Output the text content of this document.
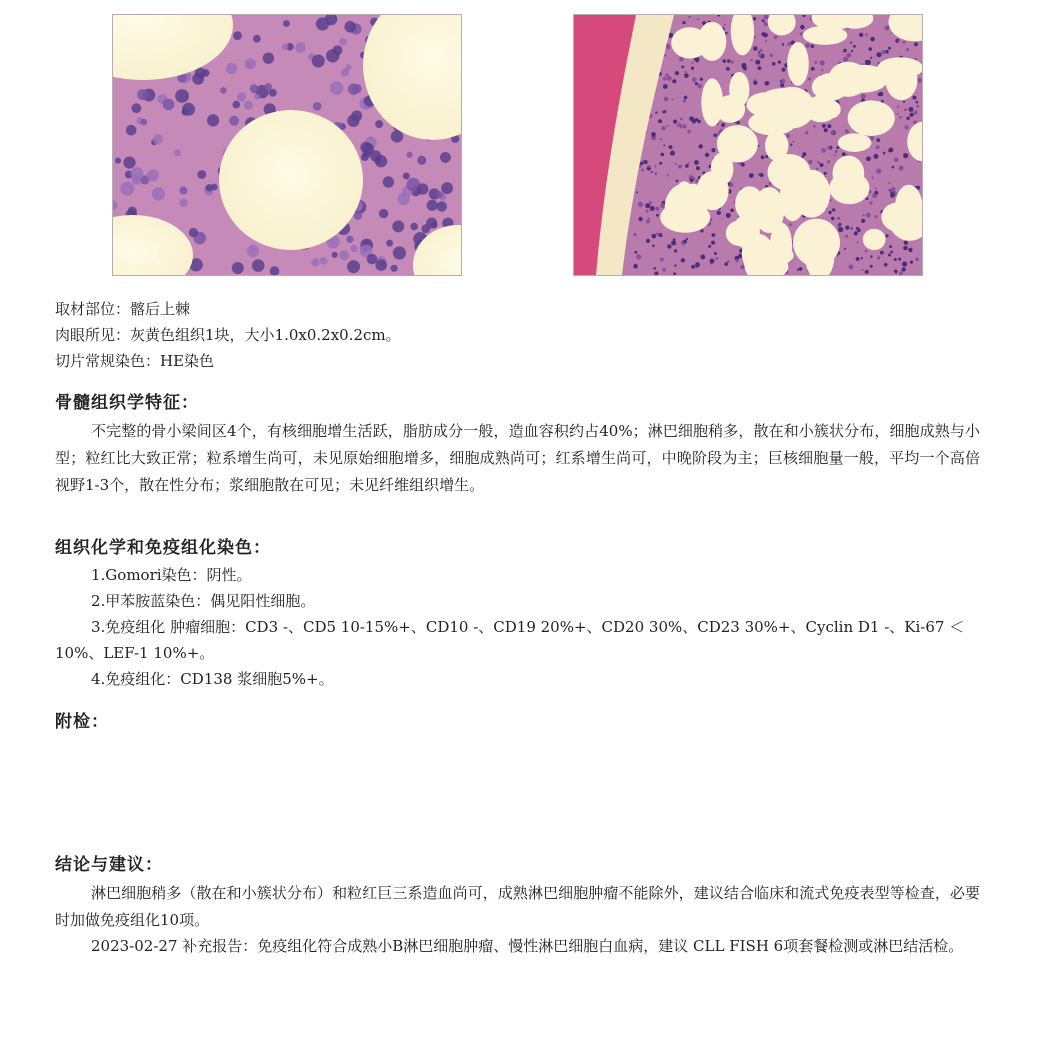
取材部位：髂后上棘
肉眼所见：灰黄色组织1块，大小1.0x0.2x0.2cm。
切片常规染色：HE染色
骨髓组织学特征：
不完整的骨小梁间区4个，有核细胞增生活跃，脂肪成分一般，造血容积约占40%；淋巴细胞稍多，散在和小簇状分布，细胞成熟与小型；粒红比大致正常；粒系增生尚可，未见原始细胞增多，细胞成熟尚可；红系增生尚可，中晚阶段为主；巨核细胞量一般，平均一个高倍视野1-3个，散在性分布；浆细胞散在可见；未见纤维组织增生。
组织化学和免疫组化染色：
1.Gomori染色：阴性。
2.甲苯胺蓝染色：偶见阳性细胞。
3.免疫组化 肿瘤细胞：CD3 -、CD5 10-15%+、CD10 -、CD19 20%+、CD20 30%、CD23 30%+、Cyclin D1 -、Ki-67 ＜10%、LEF-1 10%+。
4.免疫组化：CD138 浆细胞5%+。
附检：
结论与建议：
淋巴细胞稍多（散在和小簇状分布）和粒红巨三系造血尚可，成熟淋巴细胞肿瘤不能除外，建议结合临床和流式免疫表型等检查，必要时加做免疫组化10项。
2023-02-27 补充报告：免疫组化符合成熟小B淋巴细胞肿瘤、慢性淋巴细胞白血病，建议 CLL FISH 6项套餐检测或淋巴结活检。
